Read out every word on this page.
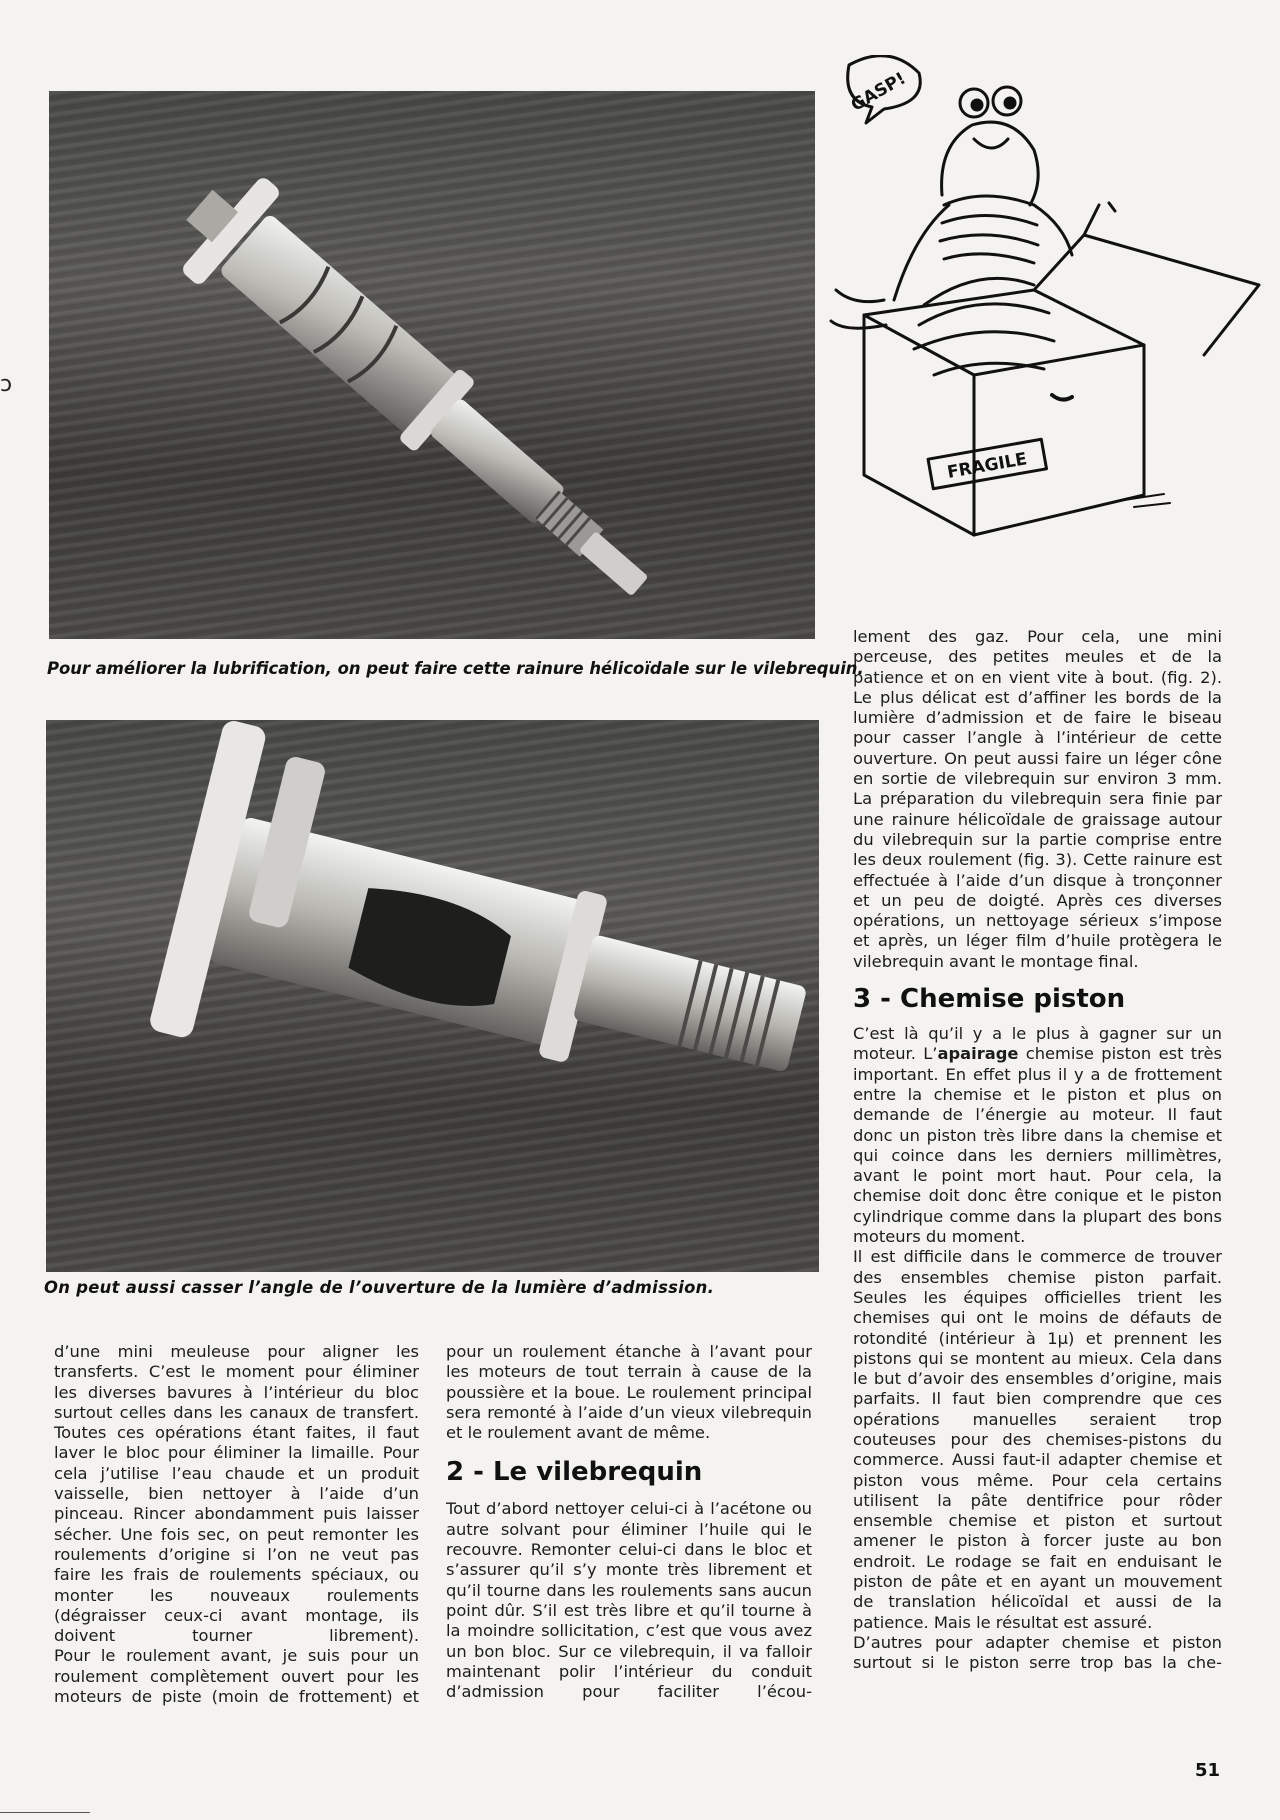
ɔ

Pour améliorer la lubrification, on peut faire cette rainure hélicoïdale sur le vilebrequin.

On peut aussi casser l’angle de l’ouverture de la lumière d’admission.

FRAGILE
GASP!

d’une mini meuleuse pour aligner les transferts. C’est le moment pour éliminer les diverses bavures à l’intérieur du bloc surtout celles dans les canaux de transfert. Toutes ces opérations étant faites, il faut laver le bloc pour éliminer la limaille. Pour cela j’utilise l’eau chaude et un produit vaisselle, bien nettoyer à l’aide d’un pinceau. Rincer abondamment puis laisser sécher. Une fois sec, on peut remonter les roulements d’origine si l’on ne veut pas faire les frais de roulements spéciaux, ou monter les nouveaux roulements (dégraisser ceux-ci avant montage, ils doivent tourner librement).

Pour le roulement avant, je suis pour un roulement complètement ouvert pour les moteurs de piste (moin de frottement) et

pour un roulement étanche à l’avant pour les moteurs de tout terrain à cause de la poussière et la boue. Le roulement principal sera remonté à l’aide d’un vieux vilebrequin et le roulement avant de même.

2 - Le vilebrequin

Tout d’abord nettoyer celui-ci à l’acétone ou autre solvant pour éliminer l’huile qui le recouvre. Remonter celui-ci dans le bloc et s’assurer qu’il s’y monte très librement et qu’il tourne dans les roulements sans aucun point dûr. S’il est très libre et qu’il tourne à la moindre sollicitation, c’est que vous avez un bon bloc. Sur ce vilebrequin, il va falloir maintenant polir l’intérieur du conduit d’admission pour faciliter l’écou-

lement des gaz. Pour cela, une mini perceuse, des petites meules et de la patience et on en vient vite à bout. (fig. 2). Le plus délicat est d’affiner les bords de la lumière d’admission et de faire le biseau pour casser l’angle à l’intérieur de cette ouverture. On peut aussi faire un léger cône en sortie de vilebrequin sur environ 3 mm. La préparation du vilebrequin sera finie par une rainure hélicoïdale de graissage autour du vilebrequin sur la partie comprise entre les deux roulement (fig. 3). Cette rainure est effectuée à l’aide d’un disque à tronçonner et un peu de doigté. Après ces diverses opérations, un nettoyage sérieux s’impose et après, un léger film d’huile protègera le vilebrequin avant le montage final.

3 - Chemise piston

C’est là qu’il y a le plus à gagner sur un moteur. L’apairage chemise piston est très important. En effet plus il y a de frottement entre la chemise et le piston et plus on demande de l’énergie au moteur. Il faut donc un piston très libre dans la chemise et qui coince dans les derniers millimètres, avant le point mort haut. Pour cela, la chemise doit donc être conique et le piston cylindrique comme dans la plupart des bons moteurs du moment.

Il est difficile dans le commerce de trouver des ensembles chemise piston parfait. Seules les équipes officielles trient les chemises qui ont le moins de défauts de rotondité (intérieur à 1µ) et prennent les pistons qui se montent au mieux. Cela dans le but d’avoir des ensembles d’origine, mais parfaits. Il faut bien comprendre que ces opérations manuelles seraient trop couteuses pour des chemises-pistons du commerce. Aussi faut-il adapter chemise et piston vous même. Pour cela certains utilisent la pâte dentifrice pour rôder ensemble chemise et piston et surtout amener le piston à forcer juste au bon endroit. Le rodage se fait en enduisant le piston de pâte et en ayant un mouvement de translation hélicoïdal et aussi de la patience. Mais le résultat est assuré.

D’autres pour adapter chemise et piston surtout si le piston serre trop bas la che-

51
